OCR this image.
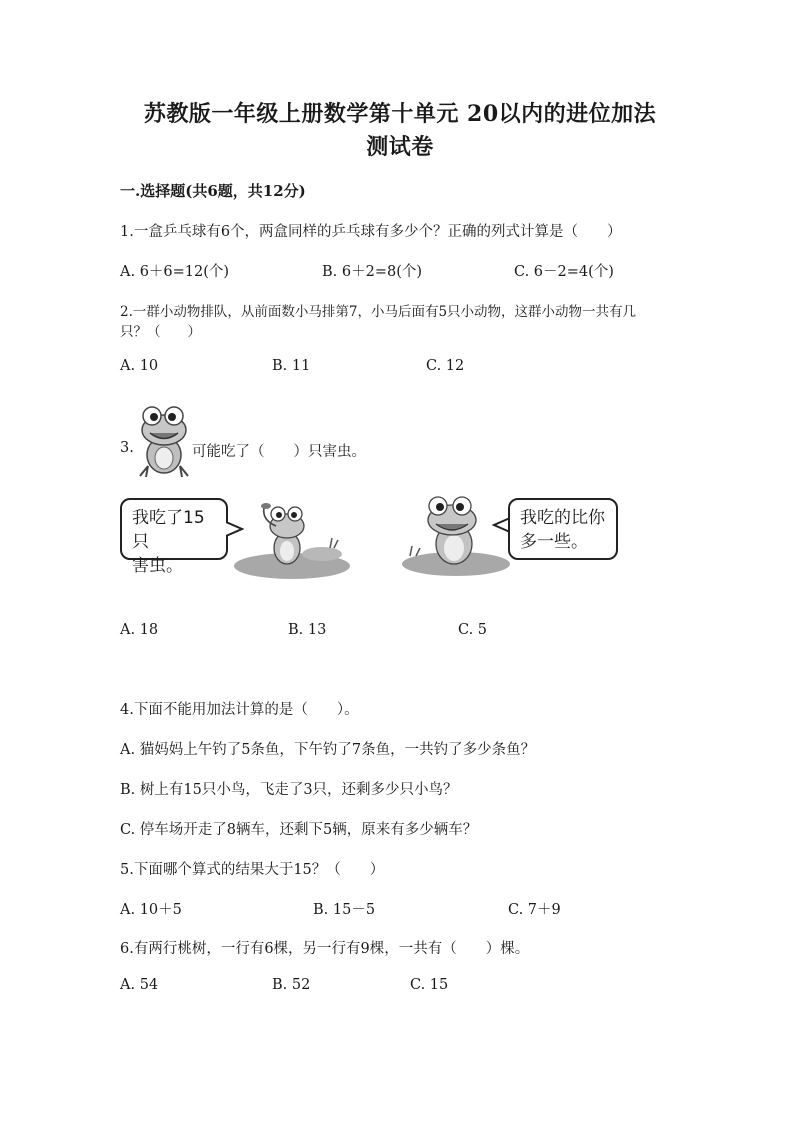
苏教版一年级上册数学第十单元 20以内的进位加法
测试卷
一.选择题(共6题，共12分)
1.一盒乒乓球有6个，两盒同样的乒乓球有多少个？正确的列式计算是（　　）
A. 6＋6=12(个)	B. 6＋2=8(个)	C. 6－2=4(个)
2.一群小动物排队，从前面数小马排第7，小马后面有5只小动物，这群小动物一共有几
只？（　　）
A. 10	B. 11	C. 12
3.	可能吃了（　　）只害虫。
我吃了15只
害虫。
我吃的比你
多一些。
A. 18	B. 13	C. 5
4.下面不能用加法计算的是（　　）。
A. 猫妈妈上午钓了5条鱼，下午钓了7条鱼，一共钓了多少条鱼？
B. 树上有15只小鸟，飞走了3只，还剩多少只小鸟？
C. 停车场开走了8辆车，还剩下5辆，原来有多少辆车？
5.下面哪个算式的结果大于15？（　　）
A. 10＋5	B. 15－5	C. 7＋9
6.有两行桃树，一行有6棵，另一行有9棵，一共有（　　）棵。
A. 54	B. 52	C. 15
